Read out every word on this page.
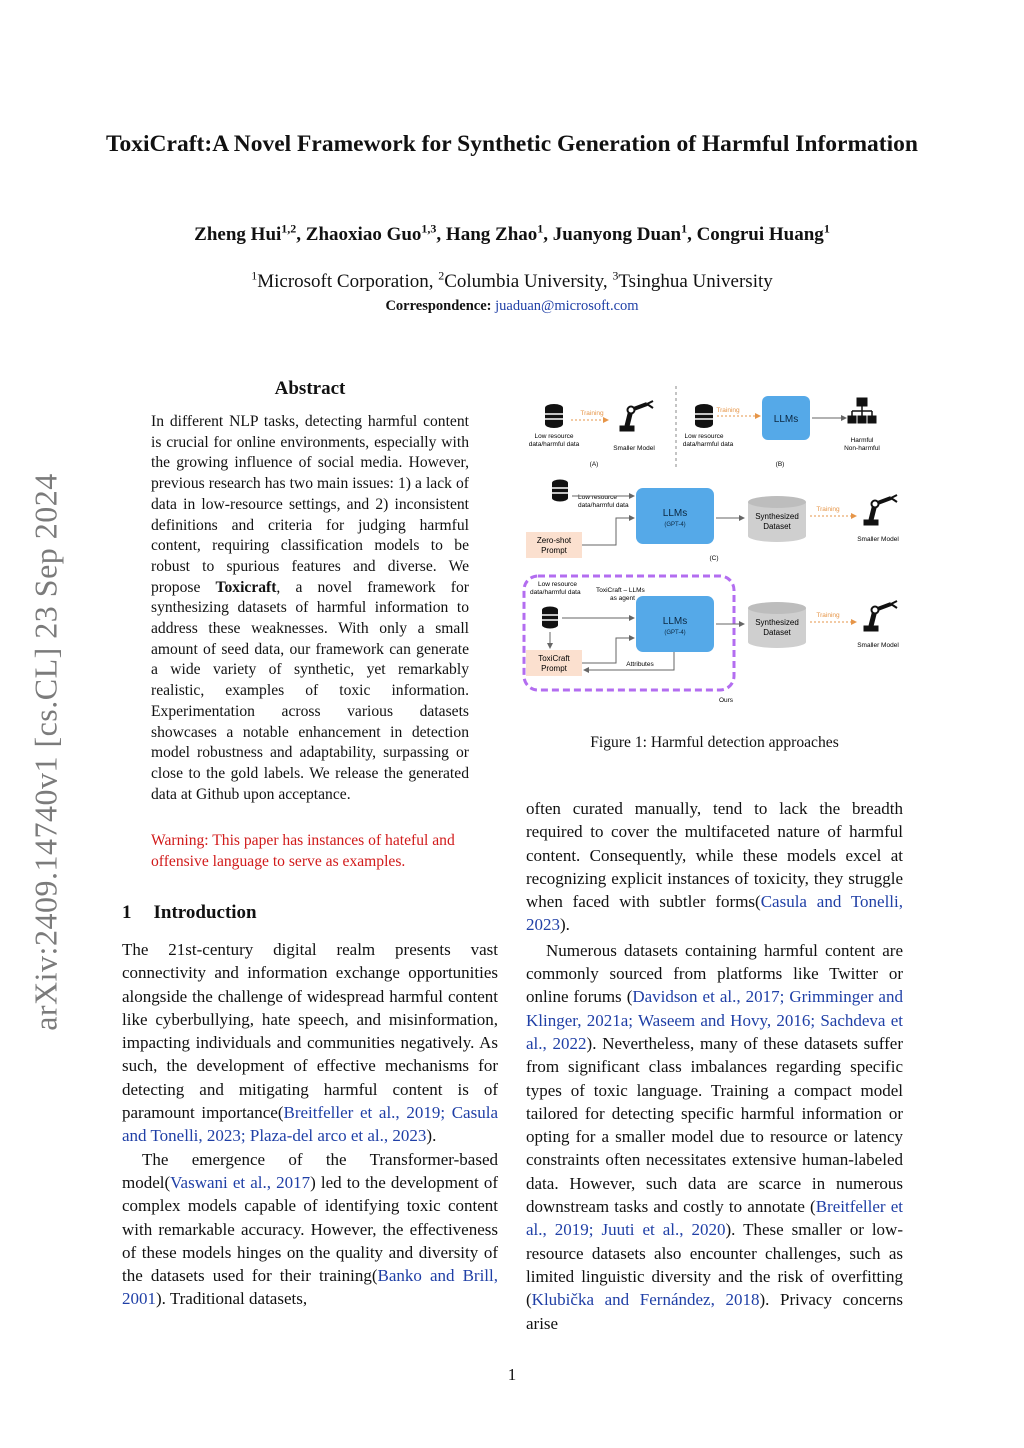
arXiv:2409.14740v1 [cs.CL] 23 Sep 2024
ToxiCraft:A Novel Framework for Synthetic Generation of Harmful Information
Zheng Hui$^{1,2}$, Zhaoxiao Guo$^{1,3}$, Hang Zhao$^1$, Juanyong Duan$^1$, Congrui Huang$^1$
$^1$Microsoft Corporation, $^2$Columbia University, $^3$Tsinghua University
Correspondence: juaduan@microsoft.com
Abstract
In different NLP tasks, detecting harmful content is crucial for online environments, especially with the growing influence of social media. However, previous research has two main issues: 1) a lack of data in low-resource settings, and 2) inconsistent definitions and criteria for judging harmful content, requiring classification models to be robust to spurious features and diverse. We propose Toxicraft, a novel framework for synthesizing datasets of harmful information to address these weaknesses. With only a small amount of seed data, our framework can generate a wide variety of synthetic, yet remarkably realistic, examples of toxic information. Experimentation across various datasets showcases a notable enhancement in detection model robustness and adaptability, surpassing or close to the gold labels. We release the generated data at Github upon acceptance.
Warning: This paper has instances of hateful and offensive language to serve as examples.
1 Introduction

The 21st-century digital realm presents vast connectivity and information exchange opportunities alongside the challenge of widespread harmful content like cyberbullying, hate speech, and misinformation, impacting individuals and communities negatively. As such, the development of effective mechanisms for detecting and mitigating harmful content is of paramount importance(Breitfeller et al., 2019; Casula and Tonelli, 2023; Plaza-del arco et al., 2023).

The emergence of the Transformer-based model(Vaswani et al., 2017) led to the development of complex models capable of identifying toxic content with remarkable accuracy. However, the effectiveness of these models hinges on the quality and diversity of the datasets used for their training(Banko and Brill, 2001). Traditional datasets,

Low resource
data/harmful data
Training
Smaller Model
(A)
Low resource
data/harmful data
Training
LLMs
Harmful
Non-harmful
(B)
Low resource
data/harmful data
Zero-shot
Prompt
LLMs
(GPT-4)
Synthesized
Dataset
Training
Smaller Model
(C)
Low resource
data/harmful data ToxiCraft – LLMs
as agent
ToxiCraft
Prompt	Attributes
LLMs
(GPT-4)
Synthesized
Dataset
Training
Smaller Model
Ours
Figure 1: Harmful detection approaches

often curated manually, tend to lack the breadth required to cover the multifaceted nature of harmful content. Consequently, while these models excel at recognizing explicit instances of toxicity, they struggle when faced with subtler forms(Casula and Tonelli, 2023).

Numerous datasets containing harmful content are commonly sourced from platforms like Twitter or online forums (Davidson et al., 2017; Grimminger and Klinger, 2021a; Waseem and Hovy, 2016; Sachdeva et al., 2022). Nevertheless, many of these datasets suffer from significant class imbalances regarding specific types of toxic language. Training a compact model tailored for detecting specific harmful information or opting for a smaller model due to resource or latency constraints often necessitates extensive human-labeled data. However, such data are scarce in numerous downstream tasks and costly to annotate (Breitfeller et al., 2019; Juuti et al., 2020). These smaller or low-resource datasets also encounter challenges, such as limited linguistic diversity and the risk of overfitting (Klubička and Fernández, 2018). Privacy concerns arise

1
